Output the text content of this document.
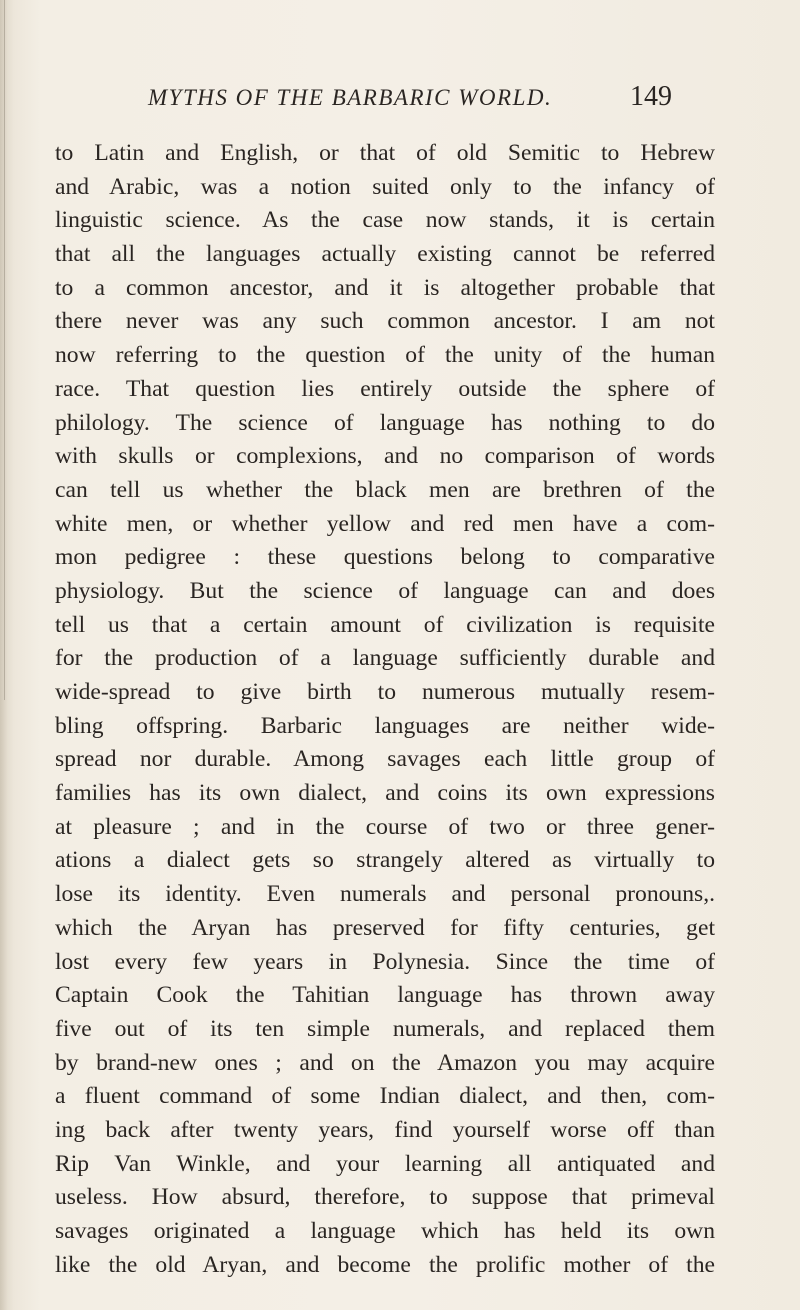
MYTHS OF THE BARBARIC WORLD.	149
to Latin and English, or that of old Semitic to Hebrew
and Arabic, was a notion suited only to the infancy of
linguistic science. As the case now stands, it is certain
that all the languages actually existing cannot be referred
to a common ancestor, and it is altogether probable that
there never was any such common ancestor. I am not
now referring to the question of the unity of the human
race. That question lies entirely outside the sphere of
philology. The science of language has nothing to do
with skulls or complexions, and no comparison of words
can tell us whether the black men are brethren of the
white men, or whether yellow and red men have a com-
mon pedigree : these questions belong to comparative
physiology. But the science of language can and does
tell us that a certain amount of civilization is requisite
for the production of a language sufficiently durable and
wide-spread to give birth to numerous mutually resem-
bling offspring. Barbaric languages are neither wide-
spread nor durable. Among savages each little group of
families has its own dialect, and coins its own expressions
at pleasure ; and in the course of two or three gener-
ations a dialect gets so strangely altered as virtually to
lose its identity. Even numerals and personal pronouns,.
which the Aryan has preserved for fifty centuries, get
lost every few years in Polynesia. Since the time of
Captain Cook the Tahitian language has thrown away
five out of its ten simple numerals, and replaced them
by brand-new ones ; and on the Amazon you may acquire
a fluent command of some Indian dialect, and then, com-
ing back after twenty years, find yourself worse off than
Rip Van Winkle, and your learning all antiquated and
useless. How absurd, therefore, to suppose that primeval
savages originated a language which has held its own
like the old Aryan, and become the prolific mother of the
